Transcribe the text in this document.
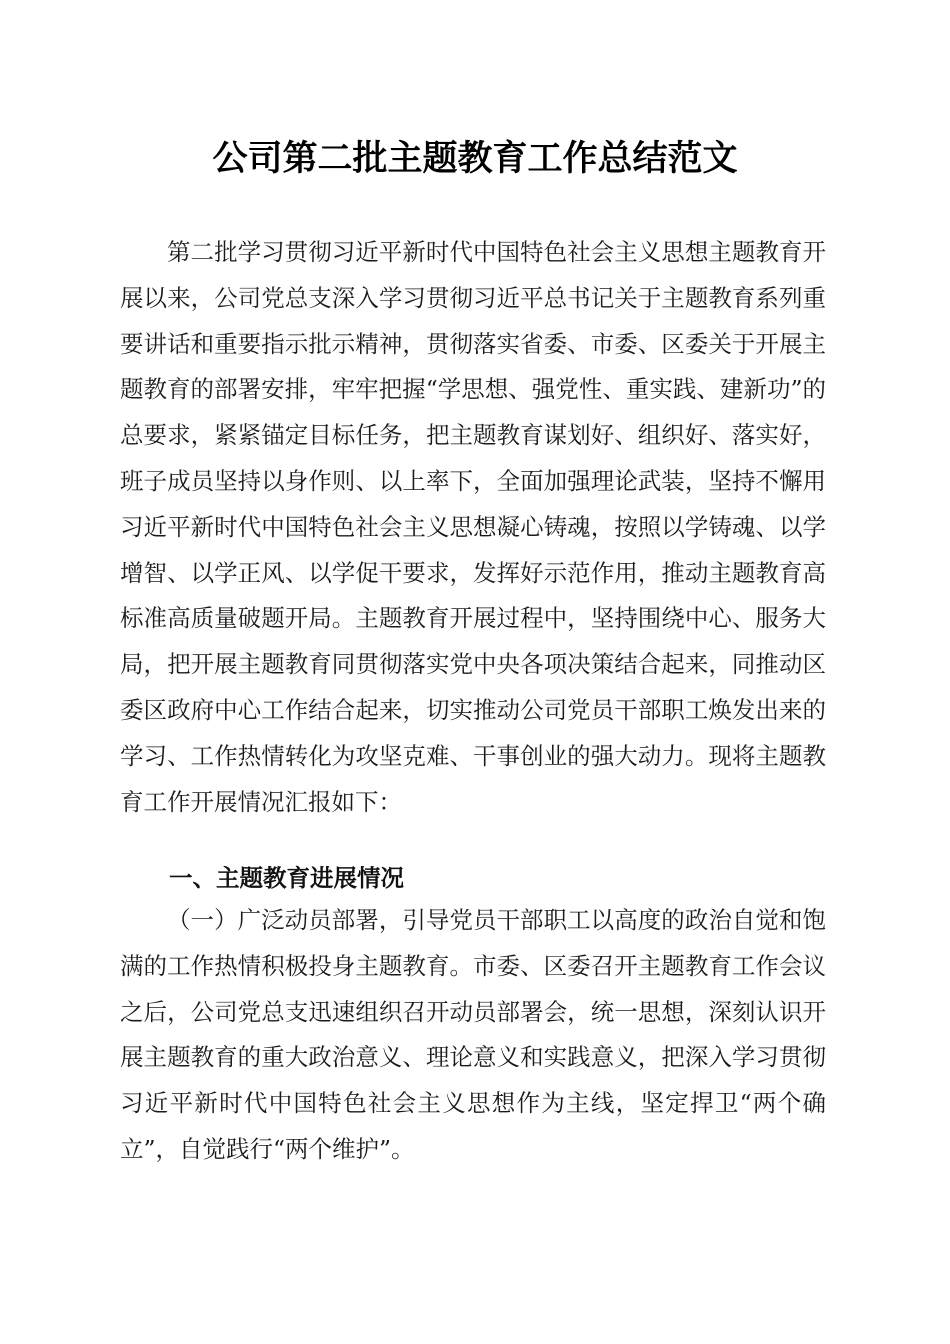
公司第二批主题教育工作总结范文

第二批学习贯彻习近平新时代中国特色社会主义思想主题教育开展以来，公司党总支深入学习贯彻习近平总书记关于主题教育系列重要讲话和重要指示批示精神，贯彻落实省委、市委、区委关于开展主题教育的部署安排，牢牢把握“学思想、强党性、重实践、建新功”的总要求，紧紧锚定目标任务，把主题教育谋划好、组织好、落实好，班子成员坚持以身作则、以上率下，全面加强理论武装，坚持不懈用习近平新时代中国特色社会主义思想凝心铸魂，按照以学铸魂、以学增智、以学正风、以学促干要求，发挥好示范作用，推动主题教育高标准高质量破题开局。主题教育开展过程中，坚持围绕中心、服务大局，把开展主题教育同贯彻落实党中央各项决策结合起来，同推动区委区政府中心工作结合起来，切实推动公司党员干部职工焕发出来的学习、工作热情转化为攻坚克难、干事创业的强大动力。现将主题教育工作开展情况汇报如下：

一、主题教育进展情况

（一）广泛动员部署，引导党员干部职工以高度的政治自觉和饱满的工作热情积极投身主题教育。市委、区委召开主题教育工作会议之后，公司党总支迅速组织召开动员部署会，统一思想，深刻认识开展主题教育的重大政治意义、理论意义和实践意义，把深入学习贯彻习近平新时代中国特色社会主义思想作为主线，坚定捍卫“两个确立”，自觉践行“两个维护”。
